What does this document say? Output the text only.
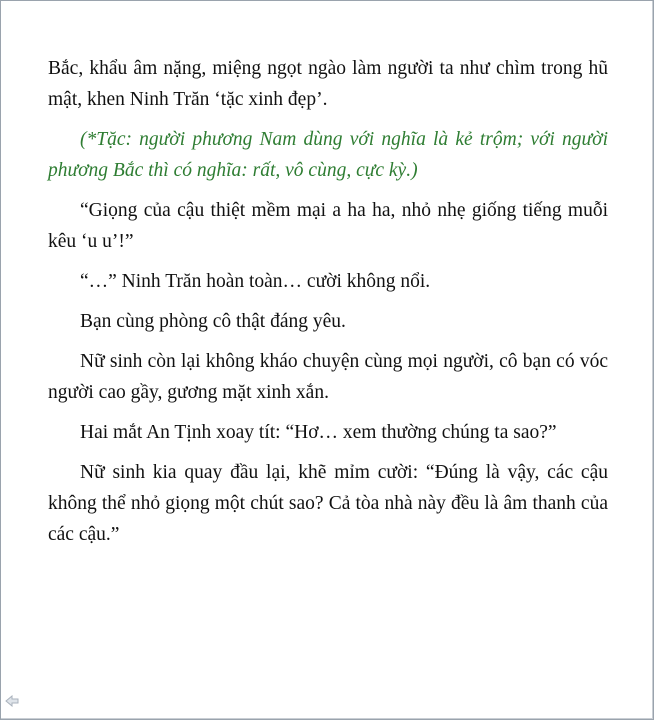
Bắc, khẩu âm nặng, miệng ngọt ngào làm người ta như chìm trong hũ mật, khen Ninh Trăn ‘tặc xinh đẹp’.

(*Tặc: người phương Nam dùng với nghĩa là kẻ trộm; với người phương Bắc thì có nghĩa: rất, vô cùng, cực kỳ.)

“Giọng của cậu thiệt mềm mại a ha ha, nhỏ nhẹ giống tiếng muỗi kêu ‘u u’!”

“…” Ninh Trăn hoàn toàn… cười không nổi.

Bạn cùng phòng cô thật đáng yêu.

Nữ sinh còn lại không kháo chuyện cùng mọi người, cô bạn có vóc người cao gầy, gương mặt xinh xắn.

Hai mắt An Tịnh xoay tít: “Hơ… xem thường chúng ta sao?”

Nữ sinh kia quay đầu lại, khẽ mỉm cười: “Đúng là vậy, các cậu không thể nhỏ giọng một chút sao? Cả tòa nhà này đều là âm thanh của các cậu.”
